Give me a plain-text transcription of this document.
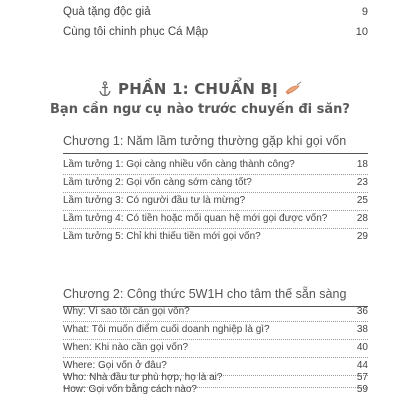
Quà tặng độc giả	9
Cùng tôi chinh phục Cá Mập	10
PHẦN 1: CHUẨN BỊ
Bạn cần ngư cụ nào trước chuyến đi săn?
Chương 1: Năm lầm tưởng thường gặp khi gọi vốn
Lầm tưởng 1: Gọi càng nhiều vốn càng thành công?	18
Lầm tưởng 2: Gọi vốn càng sớm càng tốt?	23
Lầm tưởng 3: Có người đầu tư là mừng?	25
Lầm tưởng 4: Có tiền hoặc mối quan hệ mới gọi được vốn?	28
Lầm tưởng 5: Chỉ khi thiếu tiền mới gọi vốn?	29
Chương 2: Công thức 5W1H cho tâm thế sẵn sàng
Why: Vì sao tôi cần gọi vốn?	36
What: Tôi muốn điểm cuối doanh nghiệp là gì?	38
When: Khi nào cần gọi vốn?	40
Where: Gọi vốn ở đâu?	44
Who: Nhà đầu tư phù hợp, họ là ai?	57
How: Gọi vốn bằng cách nào?	59
